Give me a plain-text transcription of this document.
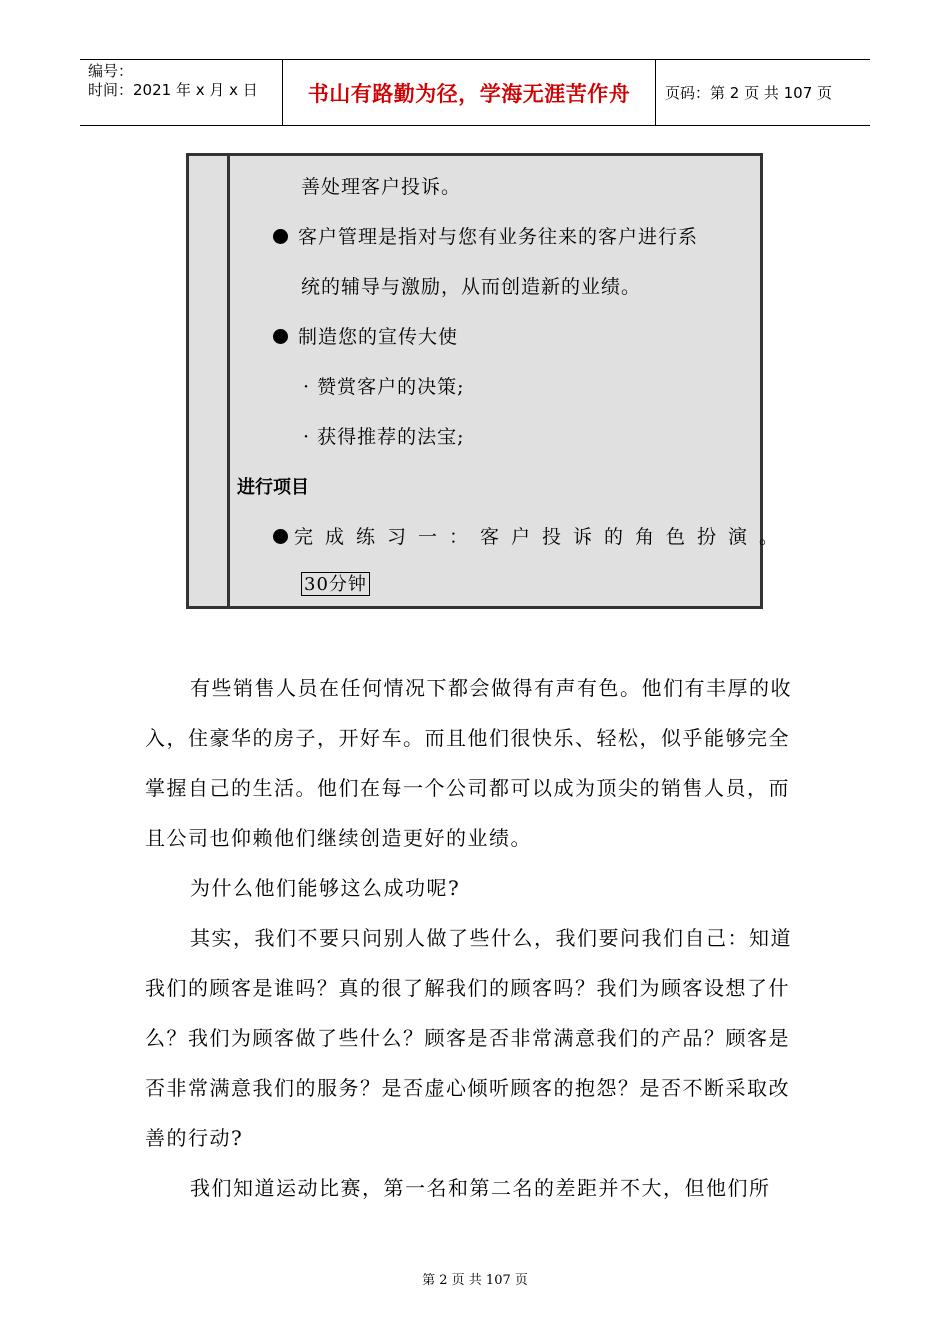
编号：
时间：2021 年 x 月 x 日	书山有路勤为径，学海无涯苦作舟	页码：第 2 页 共 107 页
善处理客户投诉。
客户管理是指对与您有业务往来的客户进行系
统的辅导与激励，从而创造新的业绩。
制造您的宣传大使
· 赞赏客户的决策;
· 获得推荐的法宝;
进行项目
完成练习一：客户投诉的角色扮演。
30分钟

有些销售人员在任何情况下都会做得有声有色。他们有丰厚的收入，住豪华的房子，开好车。而且他们很快乐、轻松，似乎能够完全掌握自己的生活。他们在每一个公司都可以成为顶尖的销售人员，而且公司也仰赖他们继续创造更好的业绩。

为什么他们能够这么成功呢?

其实，我们不要只问别人做了些什么，我们要问我们自己：知道我们的顾客是谁吗？真的很了解我们的顾客吗？我们为顾客设想了什么？我们为顾客做了些什么？顾客是否非常满意我们的产品？顾客是否非常满意我们的服务？是否虚心倾听顾客的抱怨？是否不断采取改善的行动?

我们知道运动比赛，第一名和第二名的差距并不大，但他们所

第 2 页 共 107 页
